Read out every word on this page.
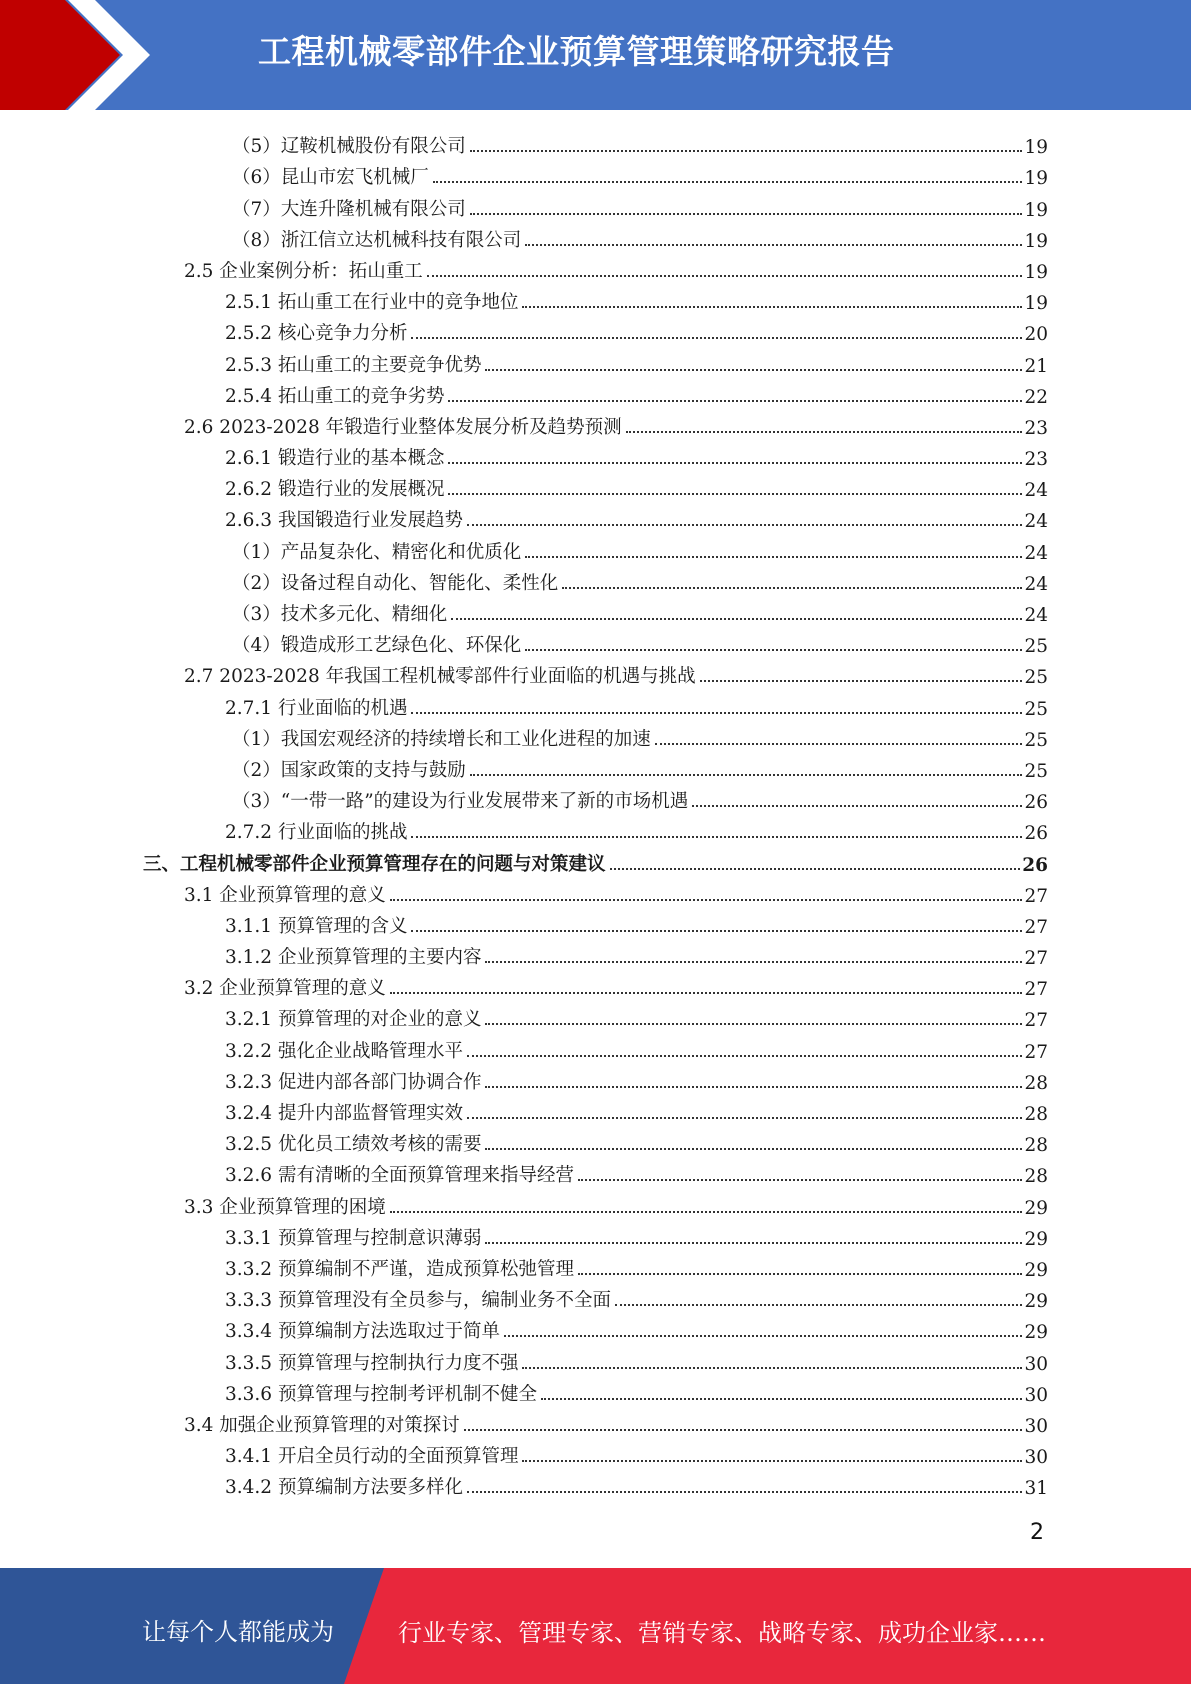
工程机械零部件企业预算管理策略研究报告
（5）辽鞍机械股份有限公司	19
（6）昆山市宏飞机械厂	19
（7）大连升隆机械有限公司	19
（8）浙江信立达机械科技有限公司	19
2.5 企业案例分析：拓山重工	19
2.5.1 拓山重工在行业中的竞争地位	19
2.5.2 核心竞争力分析	20
2.5.3 拓山重工的主要竞争优势	21
2.5.4 拓山重工的竞争劣势	22
2.6 2023-2028 年锻造行业整体发展分析及趋势预测	23
2.6.1 锻造行业的基本概念	23
2.6.2 锻造行业的发展概况	24
2.6.3 我国锻造行业发展趋势	24
（1）产品复杂化、精密化和优质化	24
（2）设备过程自动化、智能化、柔性化	24
（3）技术多元化、精细化	24
（4）锻造成形工艺绿色化、环保化	25
2.7 2023-2028 年我国工程机械零部件行业面临的机遇与挑战	25
2.7.1 行业面临的机遇	25
（1）我国宏观经济的持续增长和工业化进程的加速	25
（2）国家政策的支持与鼓励	25
（3）“一带一路”的建设为行业发展带来了新的市场机遇	26
2.7.2 行业面临的挑战	26
三、工程机械零部件企业预算管理存在的问题与对策建议	26
3.1 企业预算管理的意义	27
3.1.1 预算管理的含义	27
3.1.2 企业预算管理的主要内容	27
3.2 企业预算管理的意义	27
3.2.1 预算管理的对企业的意义	27
3.2.2 强化企业战略管理水平	27
3.2.3 促进内部各部门协调合作	28
3.2.4 提升内部监督管理实效	28
3.2.5 优化员工绩效考核的需要	28
3.2.6 需有清晰的全面预算管理来指导经营	28
3.3 企业预算管理的困境	29
3.3.1 预算管理与控制意识薄弱	29
3.3.2 预算编制不严谨，造成预算松弛管理	29
3.3.3 预算管理没有全员参与，编制业务不全面	29
3.3.4 预算编制方法选取过于简单	29
3.3.5 预算管理与控制执行力度不强	30
3.3.6 预算管理与控制考评机制不健全	30
3.4 加强企业预算管理的对策探讨	30
3.4.1 开启全员行动的全面预算管理	30
3.4.2 预算编制方法要多样化	31
2
让每个人都能成为	行业专家、管理专家、营销专家、战略专家、成功企业家……
